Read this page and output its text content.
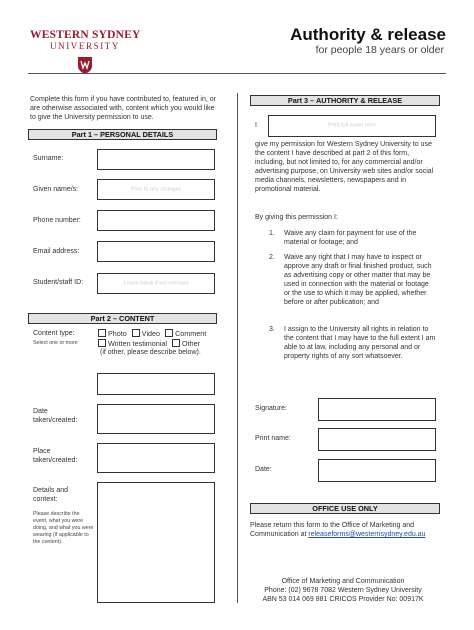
WESTERN SYDNEY
UNIVERSITY
Authority & release
for people 18 years or older
Complete this form if you have contributed to, featured in, or are otherwise associated with, content which you would like to give the University permission to use.
Part 1 – PERSONAL DETAILS
Surname:
Given name/s:	Prior to any changes
Phone number:
Email address:
Student/staff ID:	Leave blank if not relevant
Part 2 – CONTENT
Content type:
Select one or more
Photo Video Comment
Written testimonial Other
(if other, please describe below).
Date taken/created:
Place taken/created:
Details and context:
Please describe the event, what you were doing, and what you were wearing (if applicable to the content).
Part 3 – AUTHORITY & RELEASE
I	Print full name here
give my permission for Western Sydney University to use the content I have described at part 2 of this form, including, but not limited to, for any commercial and/or advertising purpose, on University web sites and/or social media channels, newsletters, newspapers and in promotional material.
By giving this permission I:
1. Waive any claim for payment for use of the material or footage; and
2. Waive any right that I may have to inspect or approve any draft or final finished product, such as advertising copy or other matter that may be used in connection with the material or footage or the use to which it may be applied, whether before or after publication; and
3. I assign to the University all rights in relation to the content that I may have to the full extent I am able to at law, including any personal and or property rights of any sort whatsoever.
Signature:
Print name:
Date:
OFFICE USE ONLY
Please return this form to the Office of Marketing and Communication at releaseforms@westernsydney.edu.au
Office of Marketing and Communication
Phone: (02) 9678 7082 Western Sydney University
ABN 53 014 069 881 CRICOS Provider No: 00917K
